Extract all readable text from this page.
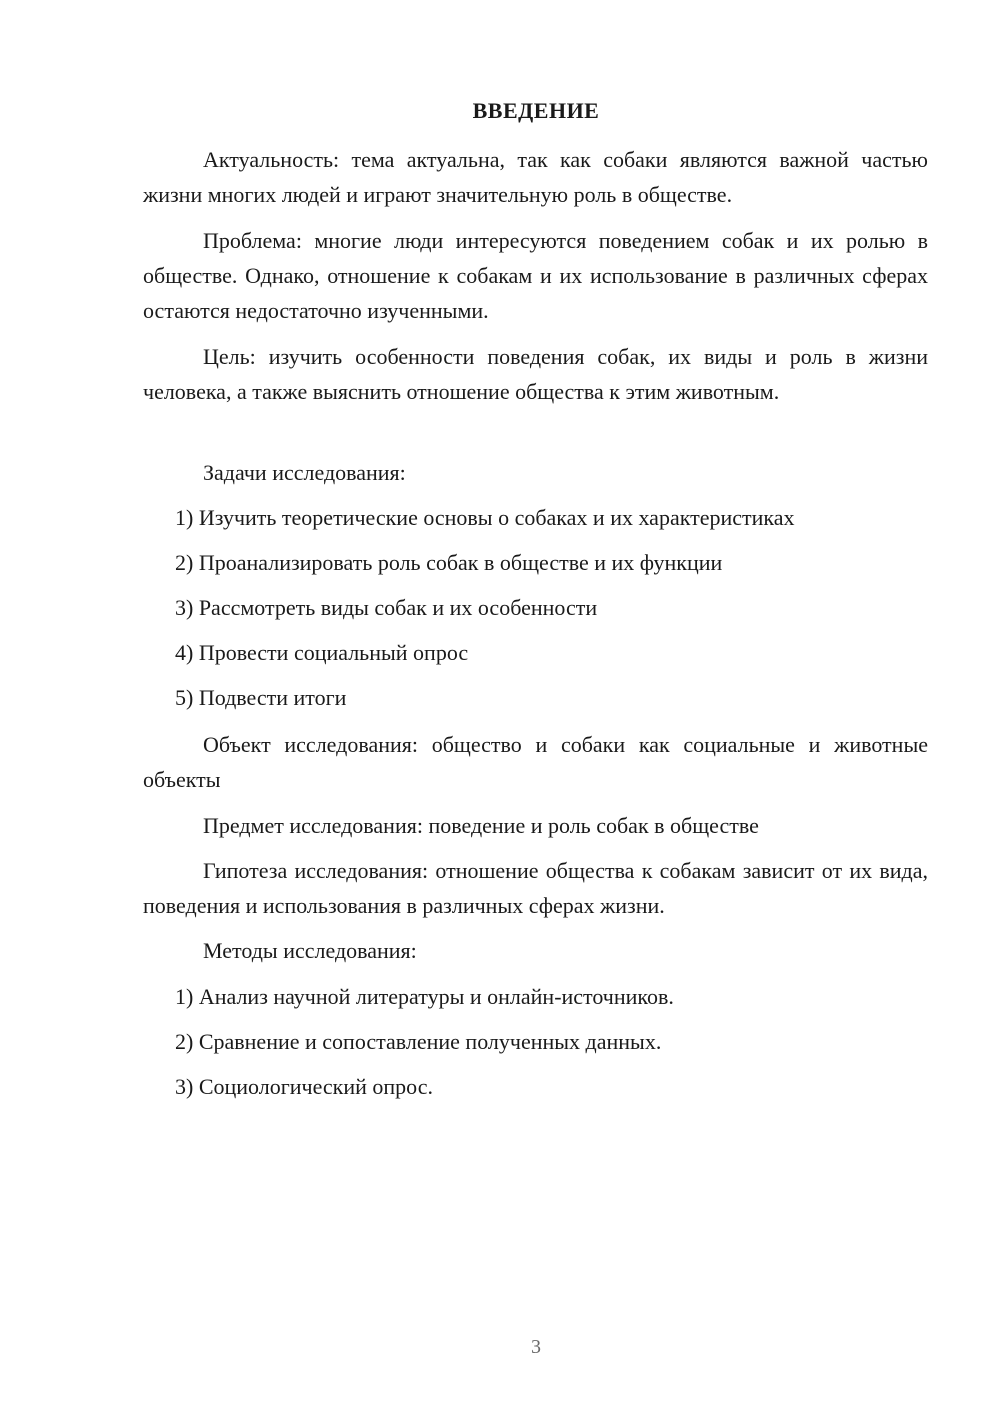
ВВЕДЕНИЕ

Актуальность: тема актуальна, так как собаки являются важной частью жизни многих людей и играют значительную роль в обществе.

Проблема: многие люди интересуются поведением собак и их ролью в обществе. Однако, отношение к собакам и их использование в различных сферах остаются недостаточно изученными.

Цель: изучить особенности поведения собак, их виды и роль в жизни человека, а также выяснить отношение общества к этим животным.

Задачи исследования:
1) Изучить теоретические основы о собаках и их характеристиках
2) Проанализировать роль собак в обществе и их функции
3) Рассмотреть виды собак и их особенности
4) Провести социальный опрос
5) Подвести итоги

Объект исследования: общество и собаки как социальные и животные объекты

Предмет исследования: поведение и роль собак в обществе

Гипотеза исследования: отношение общества к собакам зависит от их вида, поведения и использования в различных сферах жизни.

Методы исследования:
1) Анализ научной литературы и онлайн-источников.
2) Сравнение и сопоставление полученных данных.
3) Социологический опрос.
3
